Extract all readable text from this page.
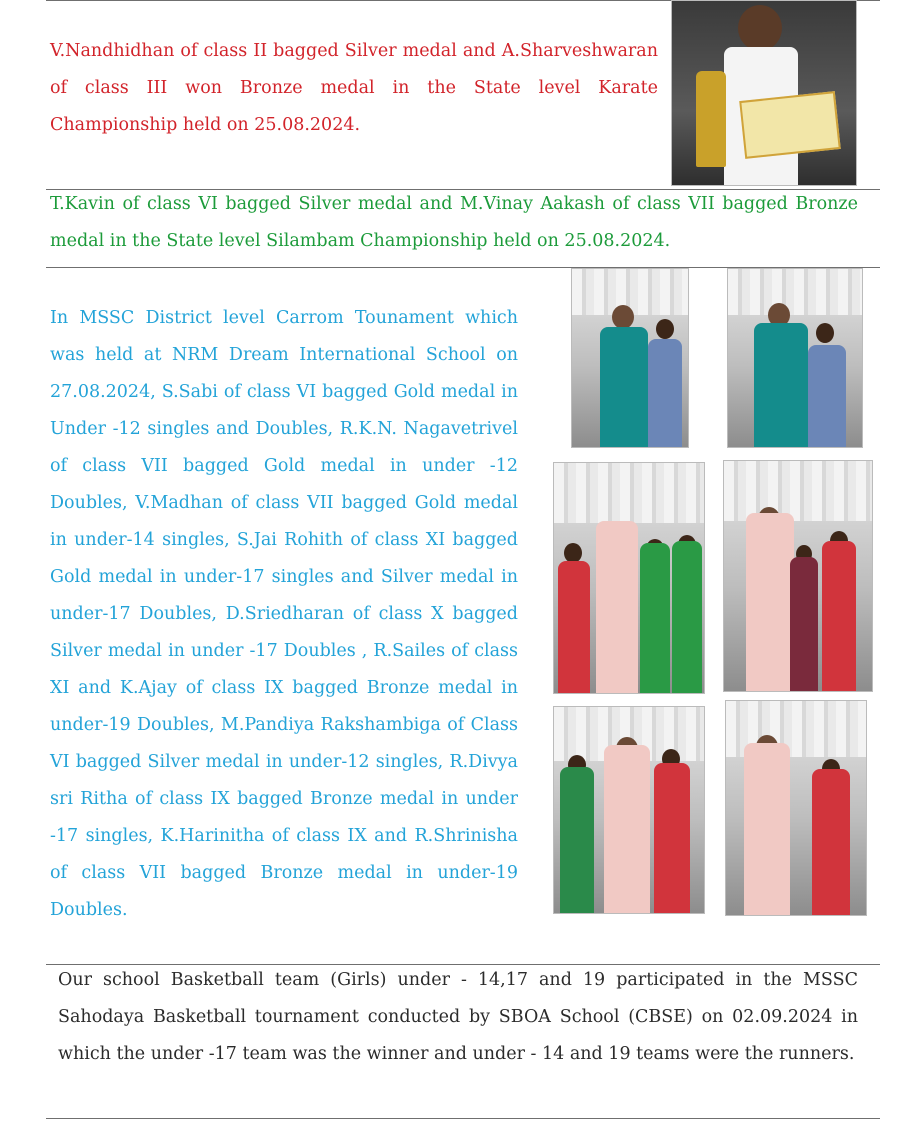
V.Nandhidhan of class II bagged Silver medal and A.Sharveshwaran of class III won Bronze medal in the State level Karate Championship held on 25.08.2024.

T.Kavin of class VI bagged Silver medal and M.Vinay Aakash of class VII bagged Bronze medal in the State level Silambam Championship held on 25.08.2024.

In MSSC District level Carrom Tounament which was held at NRM Dream International School on 27.08.2024, S.Sabi of class VI bagged Gold medal in Under -12 singles and Doubles, R.K.N. Nagavetrivel of class VII bagged Gold medal in under -12 Doubles, V.Madhan of class VII bagged Gold medal in under-14 singles, S.Jai Rohith of class XI bagged Gold medal in under-17 singles and Silver medal in under-17 Doubles, D.Sriedharan of class X bagged Silver medal in under -17 Doubles , R.Sailes of class XI and K.Ajay of class IX bagged Bronze medal in under-19 Doubles, M.Pandiya Rakshambiga of Class VI bagged Silver medal in under-12 singles, R.Divya sri Ritha of class IX bagged Bronze medal in under -17 singles, K.Harinitha of class IX and R.Shrinisha of class VII bagged Bronze medal in under-19 Doubles.

Our school Basketball team (Girls) under - 14,17 and 19 participated in the MSSC Sahodaya Basketball tournament conducted by SBOA School (CBSE) on 02.09.2024 in which the under -17 team was the winner and under - 14 and 19 teams were the runners.
